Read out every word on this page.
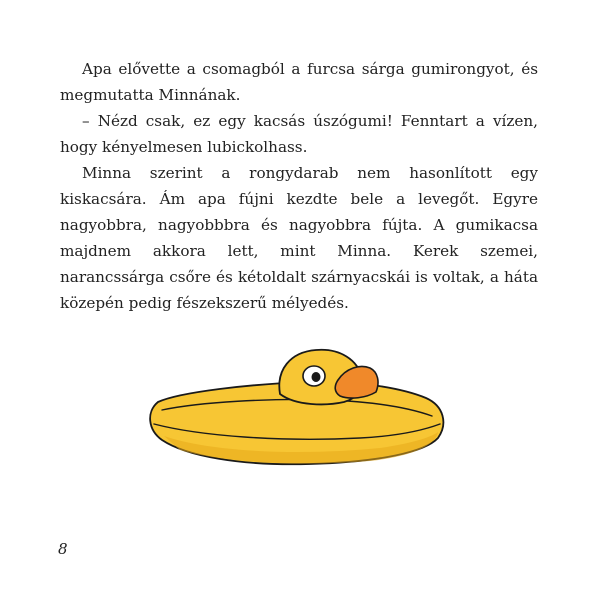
Apa elővette a csomagból a furcsa sárga gumirongyot, és megmutatta Minnának.

– Nézd csak, ez egy kacsás úszógumi! Fenntart a vízen, hogy kényelmesen lubickolhass.

Minna szerint a rongydarab nem hasonlított egy kiskacsára. Ám apa fújni kezdte bele a levegőt. Egyre nagyobbra, nagyobbbra és nagyobbra fújta. A gumikacsa majdnem akkora lett, mint Minna. Kerek szemei, narancssárga csőre és kétoldalt szárnyacskái is voltak, a háta közepén pedig fészekszerű mélyedés.

8
